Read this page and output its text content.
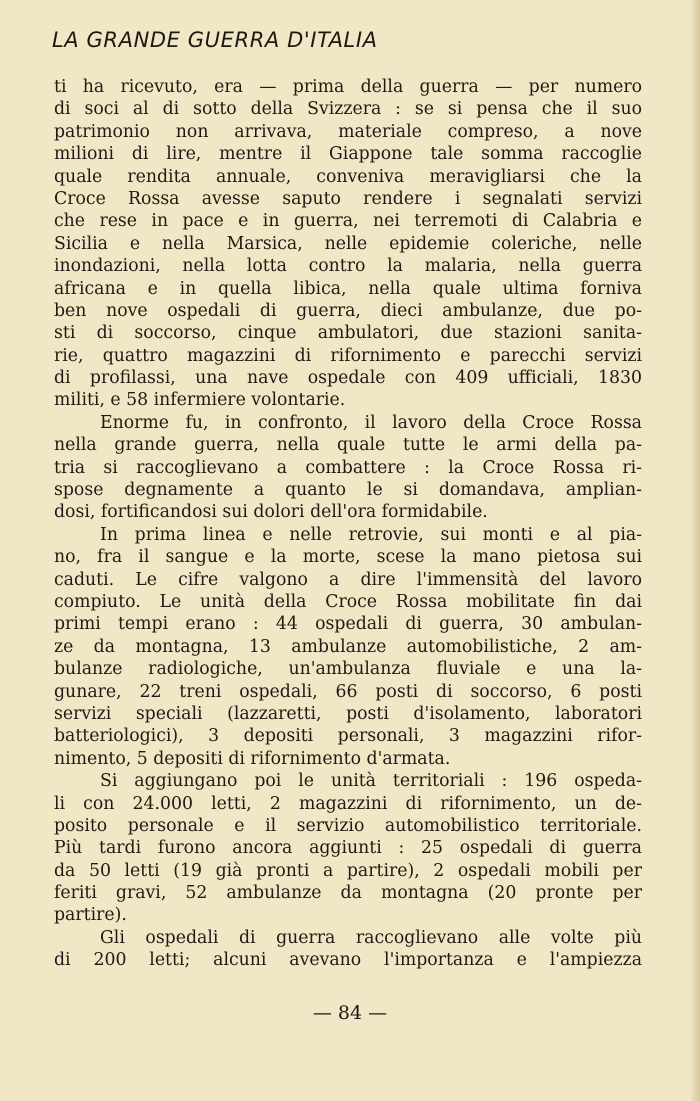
LA GRANDE GUERRA D'ITALIA

ti ha ricevuto, era — prima della guerra — per numero
di soci al di sotto della Svizzera : se si pensa che il suo
patrimonio non arrivava, materiale compreso, a nove
milioni di lire, mentre il Giappone tale somma raccoglie
quale rendita annuale, conveniva meravigliarsi che la
Croce Rossa avesse saputo rendere i segnalati servizi
che rese in pace e in guerra, nei terremoti di Calabria e
Sicilia e nella Marsica, nelle epidemie coleriche, nelle
inondazioni, nella lotta contro la malaria, nella guerra
africana e in quella libica, nella quale ultima forniva
ben nove ospedali di guerra, dieci ambulanze, due po-
sti di soccorso, cinque ambulatori, due stazioni sanita-
rie, quattro magazzini di rifornimento e parecchi servizi
di profilassi, una nave ospedale con 409 ufficiali, 1830
militi, e 58 infermiere volontarie.

Enorme fu, in confronto, il lavoro della Croce Rossa
nella grande guerra, nella quale tutte le armi della pa-
tria si raccoglievano a combattere : la Croce Rossa ri-
spose degnamente a quanto le si domandava, amplian-
dosi, fortificandosi sui dolori dell'ora formidabile.

In prima linea e nelle retrovie, sui monti e al pia-
no, fra il sangue e la morte, scese la mano pietosa sui
caduti. Le cifre valgono a dire l'immensità del lavoro
compiuto. Le unità della Croce Rossa mobilitate fin dai
primi tempi erano : 44 ospedali di guerra, 30 ambulan-
ze da montagna, 13 ambulanze automobilistiche, 2 am-
bulanze radiologiche, un'ambulanza fluviale e una la-
gunare, 22 treni ospedali, 66 posti di soccorso, 6 posti
servizi speciali (lazzaretti, posti d'isolamento, laboratori
batteriologici), 3 depositi personali, 3 magazzini rifor-
nimento, 5 depositi di rifornimento d'armata.

Si aggiungano poi le unità territoriali : 196 ospeda-
li con 24.000 letti, 2 magazzini di rifornimento, un de-
posito personale e il servizio automobilistico territoriale.
Più tardi furono ancora aggiunti : 25 ospedali di guerra
da 50 letti (19 già pronti a partire), 2 ospedali mobili per
feriti gravi, 52 ambulanze da montagna (20 pronte per
partire).

Gli ospedali di guerra raccoglievano alle volte più
di 200 letti; alcuni avevano l'importanza e l'ampiezza

— 84 —
